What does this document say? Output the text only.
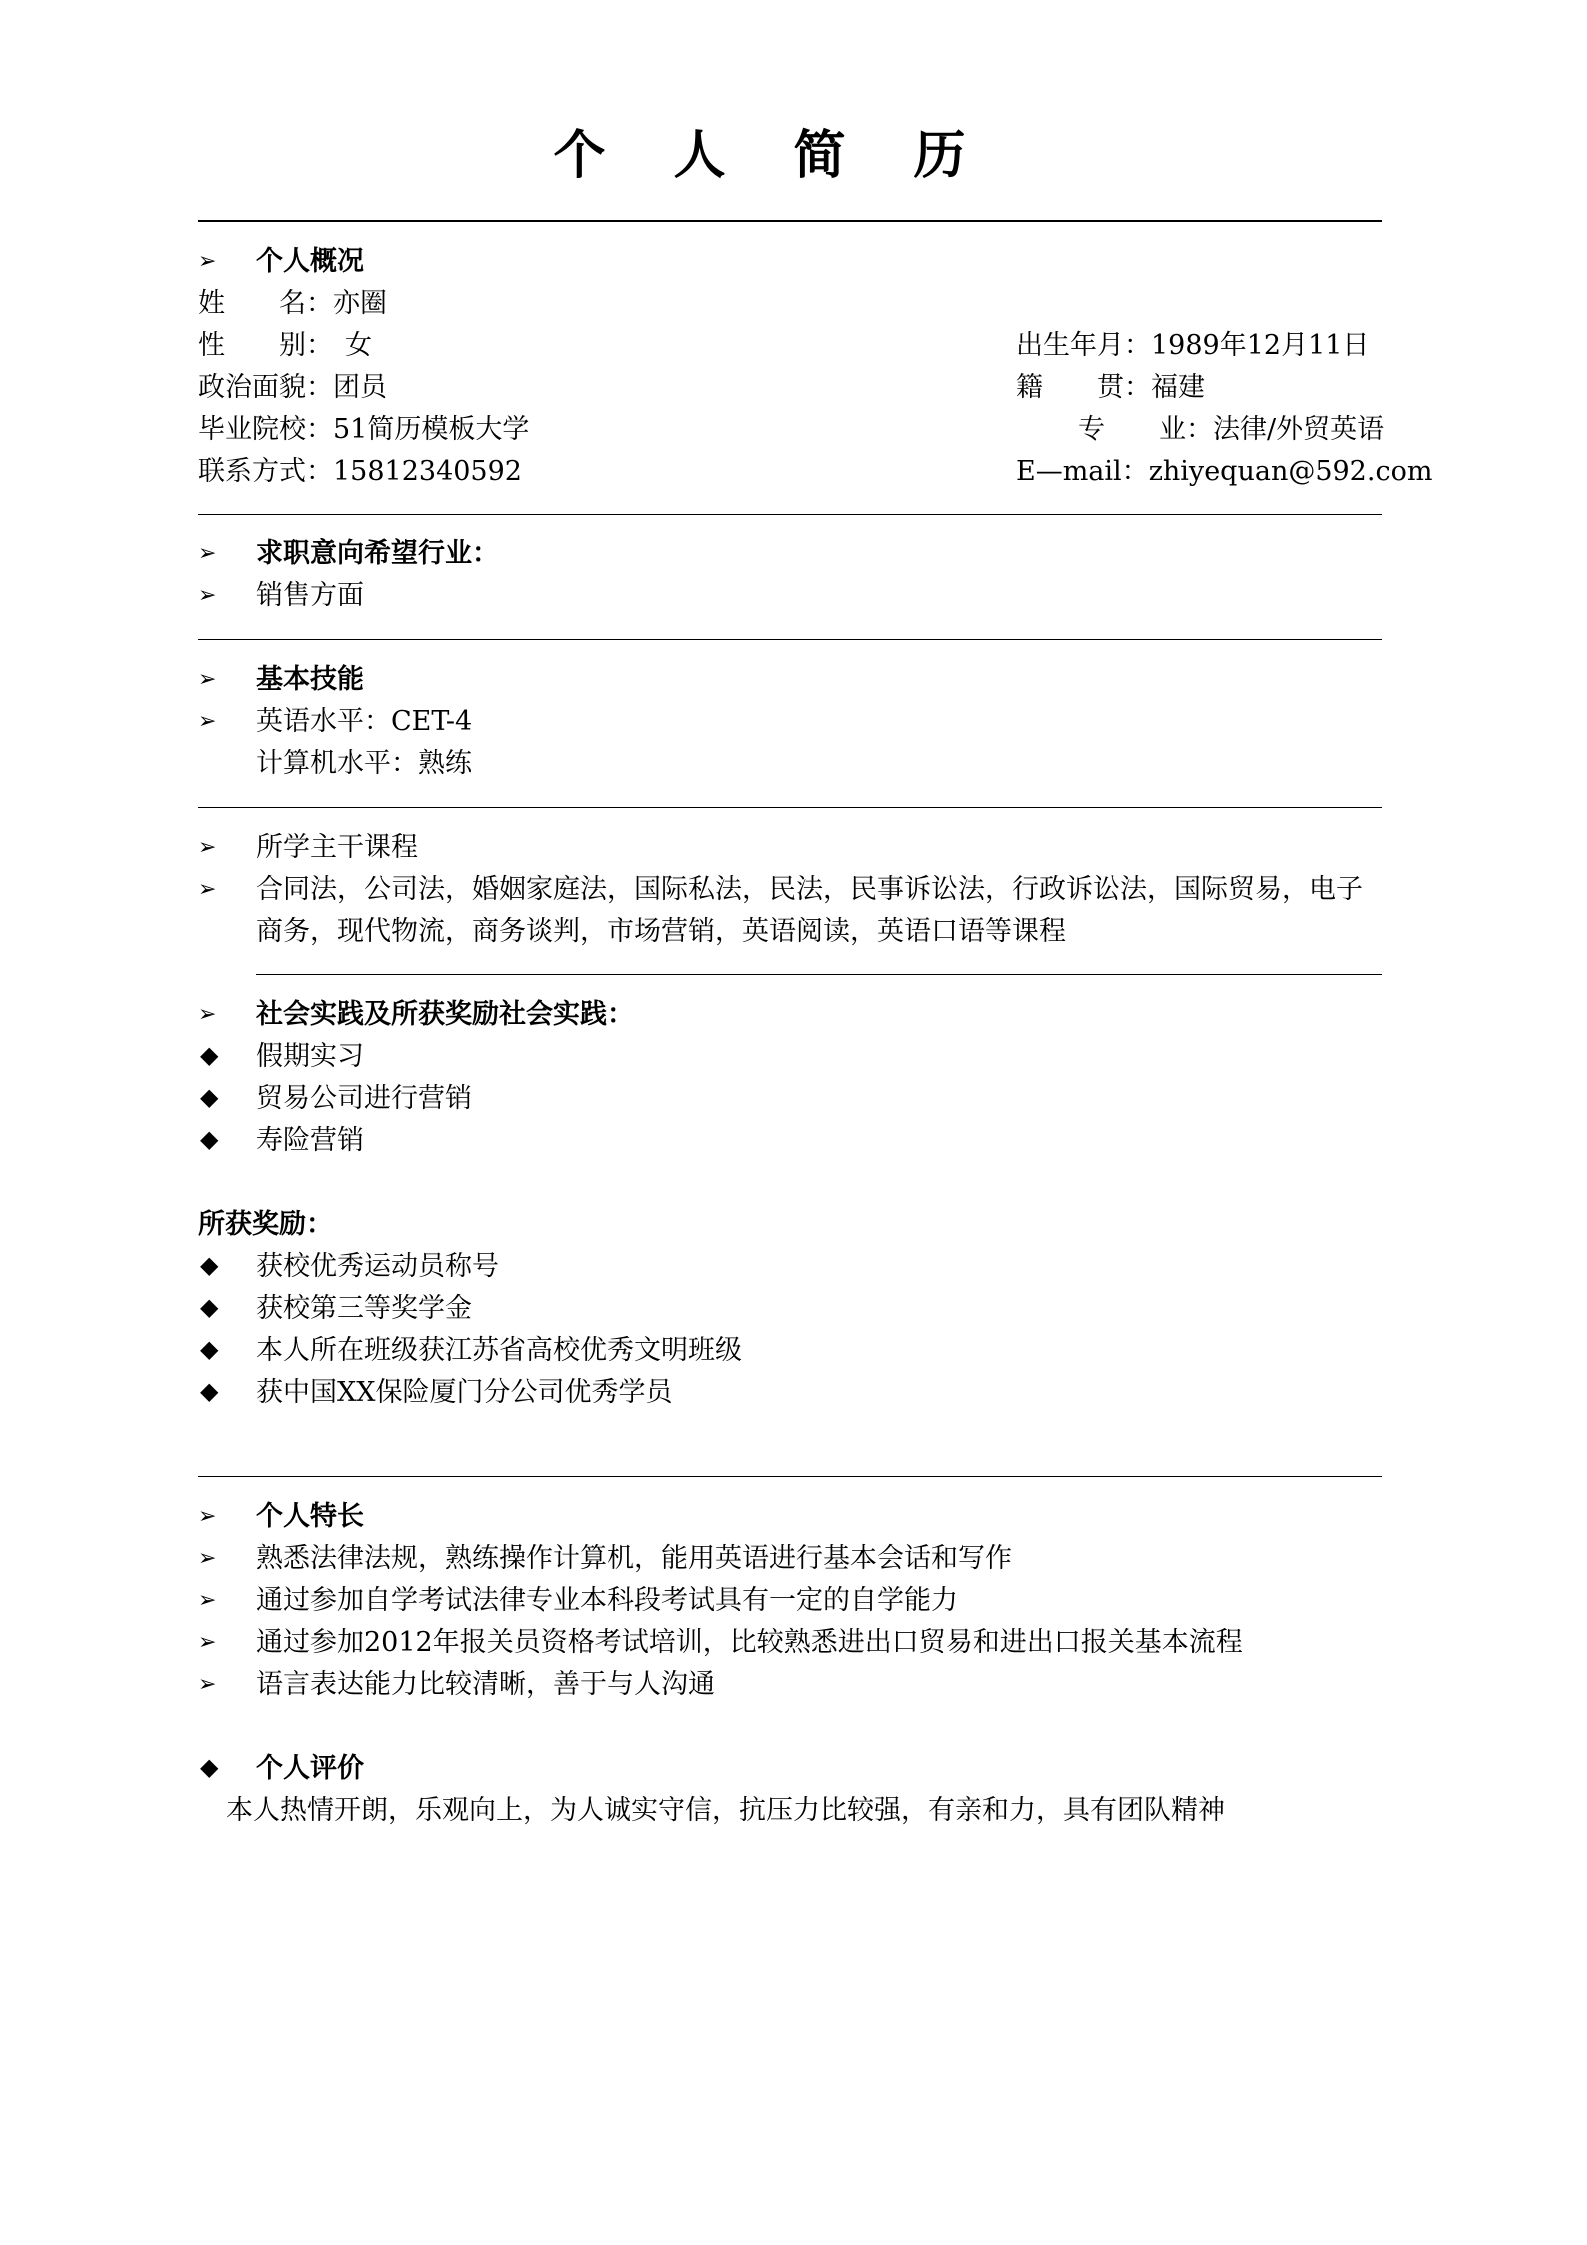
个人简历
➢ 个人概况
姓　　名：亦圈
性　　别： 女	出生年月：1989年12月11日
政治面貌：团员	籍　　贯：福建
毕业院校：51简历模板大学	专　　业：法律/外贸英语
联系方式：15812340592	E—mail：zhiyequan@592.com
➢ 求职意向希望行业：
➢ 销售方面
➢ 基本技能
➢ 英语水平：CET-4
计算机水平：熟练
➢ 所学主干课程
➢ 合同法，公司法，婚姻家庭法，国际私法，民法，民事诉讼法，行政诉讼法，国际贸易，电子
商务，现代物流，商务谈判，市场营销，英语阅读，英语口语等课程
➢ 社会实践及所获奖励社会实践：
◆ 假期实习
◆ 贸易公司进行营销
◆ 寿险营销
所获奖励：
◆ 获校优秀运动员称号
◆ 获校第三等奖学金
◆ 本人所在班级获江苏省高校优秀文明班级
◆ 获中国XX保险厦门分公司优秀学员
➢ 个人特长
➢ 熟悉法律法规，熟练操作计算机，能用英语进行基本会话和写作
➢ 通过参加自学考试法律专业本科段考试具有一定的自学能力
➢ 通过参加2012年报关员资格考试培训，比较熟悉进出口贸易和进出口报关基本流程
➢ 语言表达能力比较清晰，善于与人沟通
◆ 个人评价
本人热情开朗，乐观向上，为人诚实守信，抗压力比较强，有亲和力，具有团队精神
